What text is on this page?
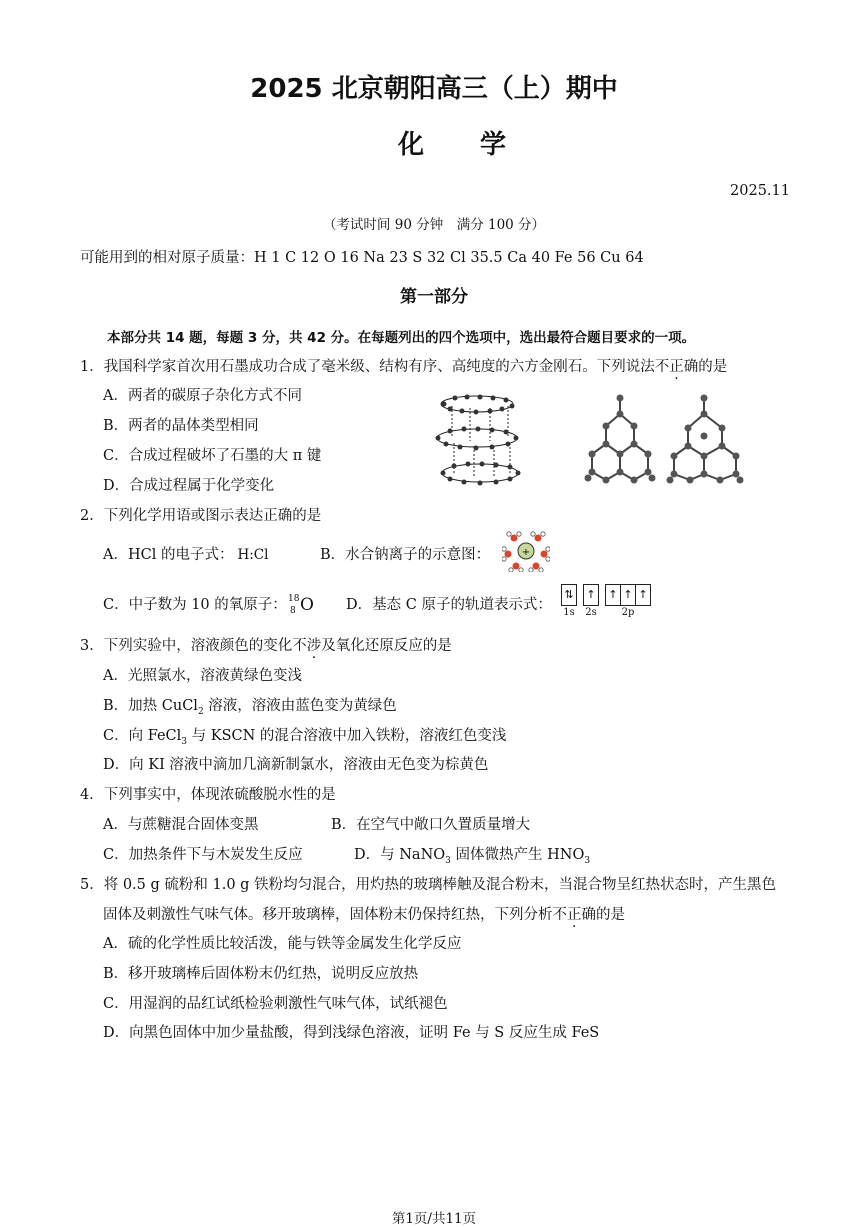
2025 北京朝阳高三（上）期中
化学
2025.11
（考试时间 90 分钟　满分 100 分）
可能用到的相对原子质量：H 1 C 12 O 16 Na 23 S 32 Cl 35.5 Ca 40 Fe 56 Cu 64
第一部分
本部分共 14 题，每题 3 分，共 42 分。在每题列出的四个选项中，选出最符合题目要求的一项。
1．我国科学家首次用石墨成功合成了毫米级、结构有序、高纯度的六方金刚石。下列说法不正确的是
A．两者的碳原子杂化方式不同
B．两者的晶体类型相同
C．合成过程破坏了石墨的大 π 键
D．合成过程属于化学变化
2．下列化学用语或图示表达正确的是
A．HCl 的电子式： H:Cl	B．水合钠离子的示意图：	+
C．中子数为 10 的氧原子： 18
8 O D．基态 C 原子的轨道表示式：
⇅
1s
↑
2s
↑ ↑ ↑
2p
3．下列实验中，溶液颜色的变化不涉及氧化还原反应的是
A．光照氯水，溶液黄绿色变浅
B．加热 CuCl$_2$ 溶液，溶液由蓝色变为黄绿色
C．向 FeCl$_3$ 与 KSCN 的混合溶液中加入铁粉，溶液红色变浅
D．向 KI 溶液中滴加几滴新制氯水，溶液由无色变为棕黄色
4．下列事实中，体现浓硫酸脱水性的是
A．与蔗糖混合固体变黑	B．在空气中敞口久置质量增大
C．加热条件下与木炭发生反应	D．与 NaNO$_3$ 固体微热产生 $HNO_3$
5．将 0.5 g 硫粉和 1.0 g 铁粉均匀混合，用灼热的玻璃棒触及混合粉末，当混合物呈红热状态时，产生黑色
固体及刺激性气味气体。移开玻璃棒，固体粉末仍保持红热，下列分析不正确的是
A．硫的化学性质比较活泼，能与铁等金属发生化学反应
B．移开玻璃棒后固体粉末仍红热，说明反应放热
C．用湿润的品红试纸检验刺激性气味气体，试纸褪色
D．向黑色固体中加少量盐酸，得到浅绿色溶液，证明 Fe 与 S 反应生成 FeS
第1页/共11页
